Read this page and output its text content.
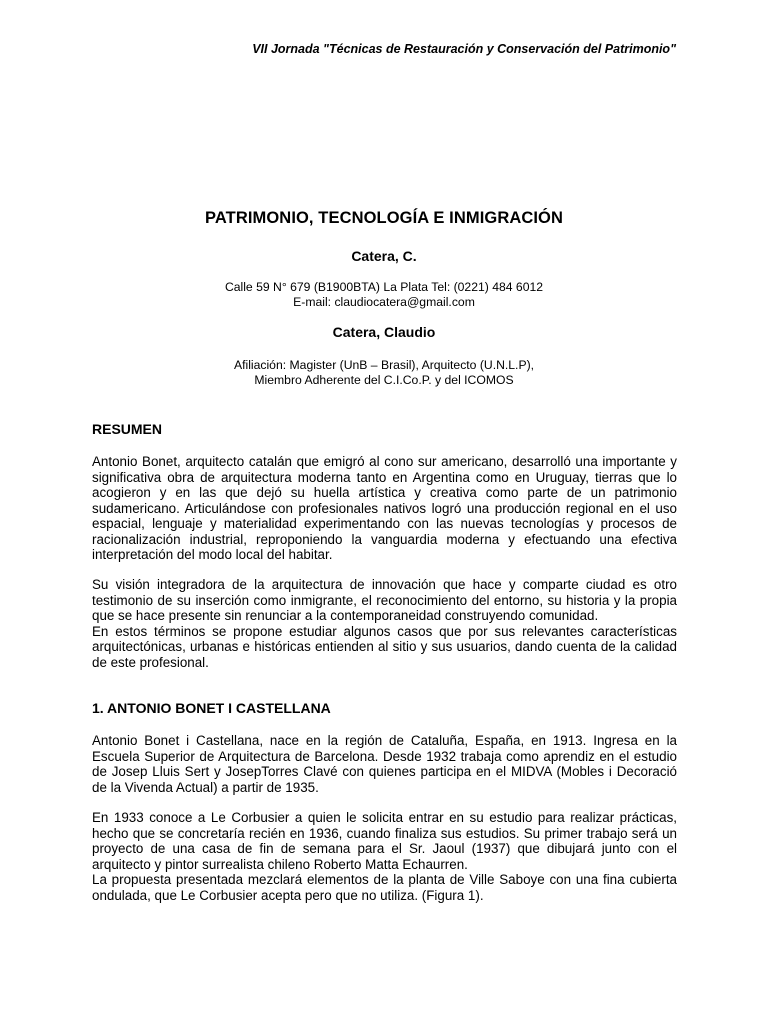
VII Jornada "Técnicas de Restauración y Conservación del Patrimonio"
PATRIMONIO, TECNOLOGÍA E INMIGRACIÓN
Catera, C.
Calle 59 N° 679 (B1900BTA) La Plata Tel: (0221) 484 6012
E-mail: claudiocatera@gmail.com
Catera, Claudio
Afiliación: Magister (UnB – Brasil), Arquitecto (U.N.L.P),
Miembro Adherente del C.I.Co.P. y del ICOMOS
RESUMEN

Antonio Bonet, arquitecto catalán que emigró al cono sur americano, desarrolló una importante y significativa obra de arquitectura moderna tanto en Argentina como en Uruguay, tierras que lo acogieron y en las que dejó su huella artística y creativa como parte de un patrimonio sudamericano. Articulándose con profesionales nativos logró una producción regional en el uso espacial, lenguaje y materialidad experimentando con las nuevas tecnologías y procesos de racionalización industrial, reproponiendo la vanguardia moderna y efectuando una efectiva interpretación del modo local del habitar.

Su visión integradora de la arquitectura de innovación que hace y comparte ciudad es otro testimonio de su inserción como inmigrante, el reconocimiento del entorno, su historia y la propia que se hace presente sin renunciar a la contemporaneidad construyendo comunidad.
En estos términos se propone estudiar algunos casos que por sus relevantes características arquitectónicas, urbanas e históricas entienden al sitio y sus usuarios, dando cuenta de la calidad de este profesional.
1. ANTONIO BONET I CASTELLANA

Antonio Bonet i Castellana, nace en la región de Cataluña, España, en 1913. Ingresa en la Escuela Superior de Arquitectura de Barcelona. Desde 1932 trabaja como aprendiz en el estudio de Josep Lluis Sert y JosepTorres Clavé con quienes participa en el MIDVA (Mobles i Decoració de la Vivenda Actual) a partir de 1935.

En 1933 conoce a Le Corbusier a quien le solicita entrar en su estudio para realizar prácticas, hecho que se concretaría recién en 1936, cuando finaliza sus estudios. Su primer trabajo será un proyecto de una casa de fin de semana para el Sr. Jaoul (1937) que dibujará junto con el arquitecto y pintor surrealista chileno Roberto Matta Echaurren.
La propuesta presentada mezclará elementos de la planta de Ville Saboye con una fina cubierta ondulada, que Le Corbusier acepta pero que no utiliza. (Figura 1).
